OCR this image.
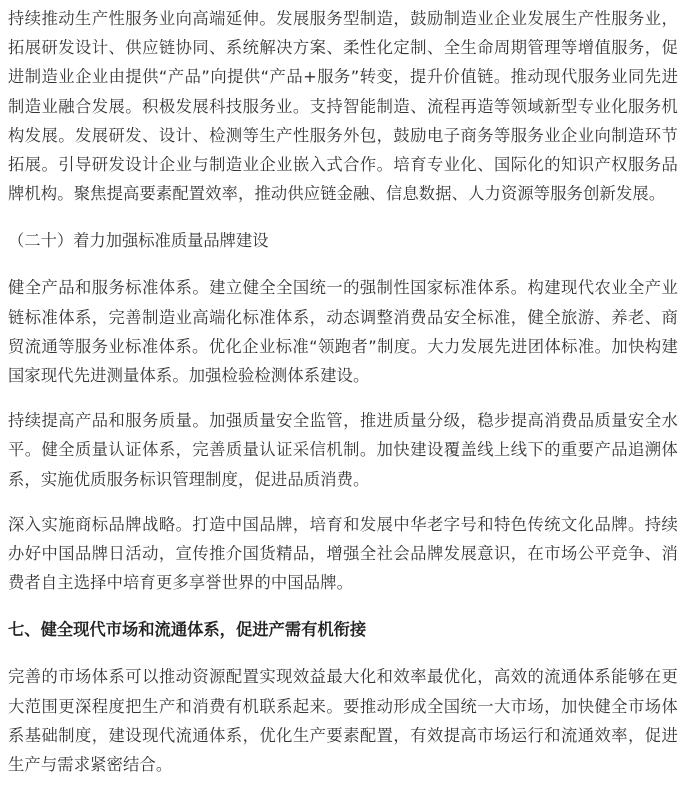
持续推动生产性服务业向高端延伸。发展服务型制造，鼓励制造业企业发展生产性服务业，拓展研发设计、供应链协同、系统解决方案、柔性化定制、全生命周期管理等增值服务，促进制造业企业由提供“产品”向提供“产品+服务”转变，提升价值链。推动现代服务业同先进制造业融合发展。积极发展科技服务业。支持智能制造、流程再造等领域新型专业化服务机构发展。发展研发、设计、检测等生产性服务外包，鼓励电子商务等服务业企业向制造环节拓展。引导研发设计企业与制造业企业嵌入式合作。培育专业化、国际化的知识产权服务品牌机构。聚焦提高要素配置效率，推动供应链金融、信息数据、人力资源等服务创新发展。

（二十）着力加强标准质量品牌建设

健全产品和服务标准体系。建立健全全国统一的强制性国家标准体系。构建现代农业全产业链标准体系，完善制造业高端化标准体系，动态调整消费品安全标准，健全旅游、养老、商贸流通等服务业标准体系。优化企业标准“领跑者”制度。大力发展先进团体标准。加快构建国家现代先进测量体系。加强检验检测体系建设。

持续提高产品和服务质量。加强质量安全监管，推进质量分级，稳步提高消费品质量安全水平。健全质量认证体系，完善质量认证采信机制。加快建设覆盖线上线下的重要产品追溯体系，实施优质服务标识管理制度，促进品质消费。

深入实施商标品牌战略。打造中国品牌，培育和发展中华老字号和特色传统文化品牌。持续办好中国品牌日活动，宣传推介国货精品，增强全社会品牌发展意识，在市场公平竞争、消费者自主选择中培育更多享誉世界的中国品牌。

七、健全现代市场和流通体系，促进产需有机衔接

完善的市场体系可以推动资源配置实现效益最大化和效率最优化，高效的流通体系能够在更大范围更深程度把生产和消费有机联系起来。要推动形成全国统一大市场，加快健全市场体系基础制度，建设现代流通体系，优化生产要素配置，有效提高市场运行和流通效率，促进生产与需求紧密结合。
